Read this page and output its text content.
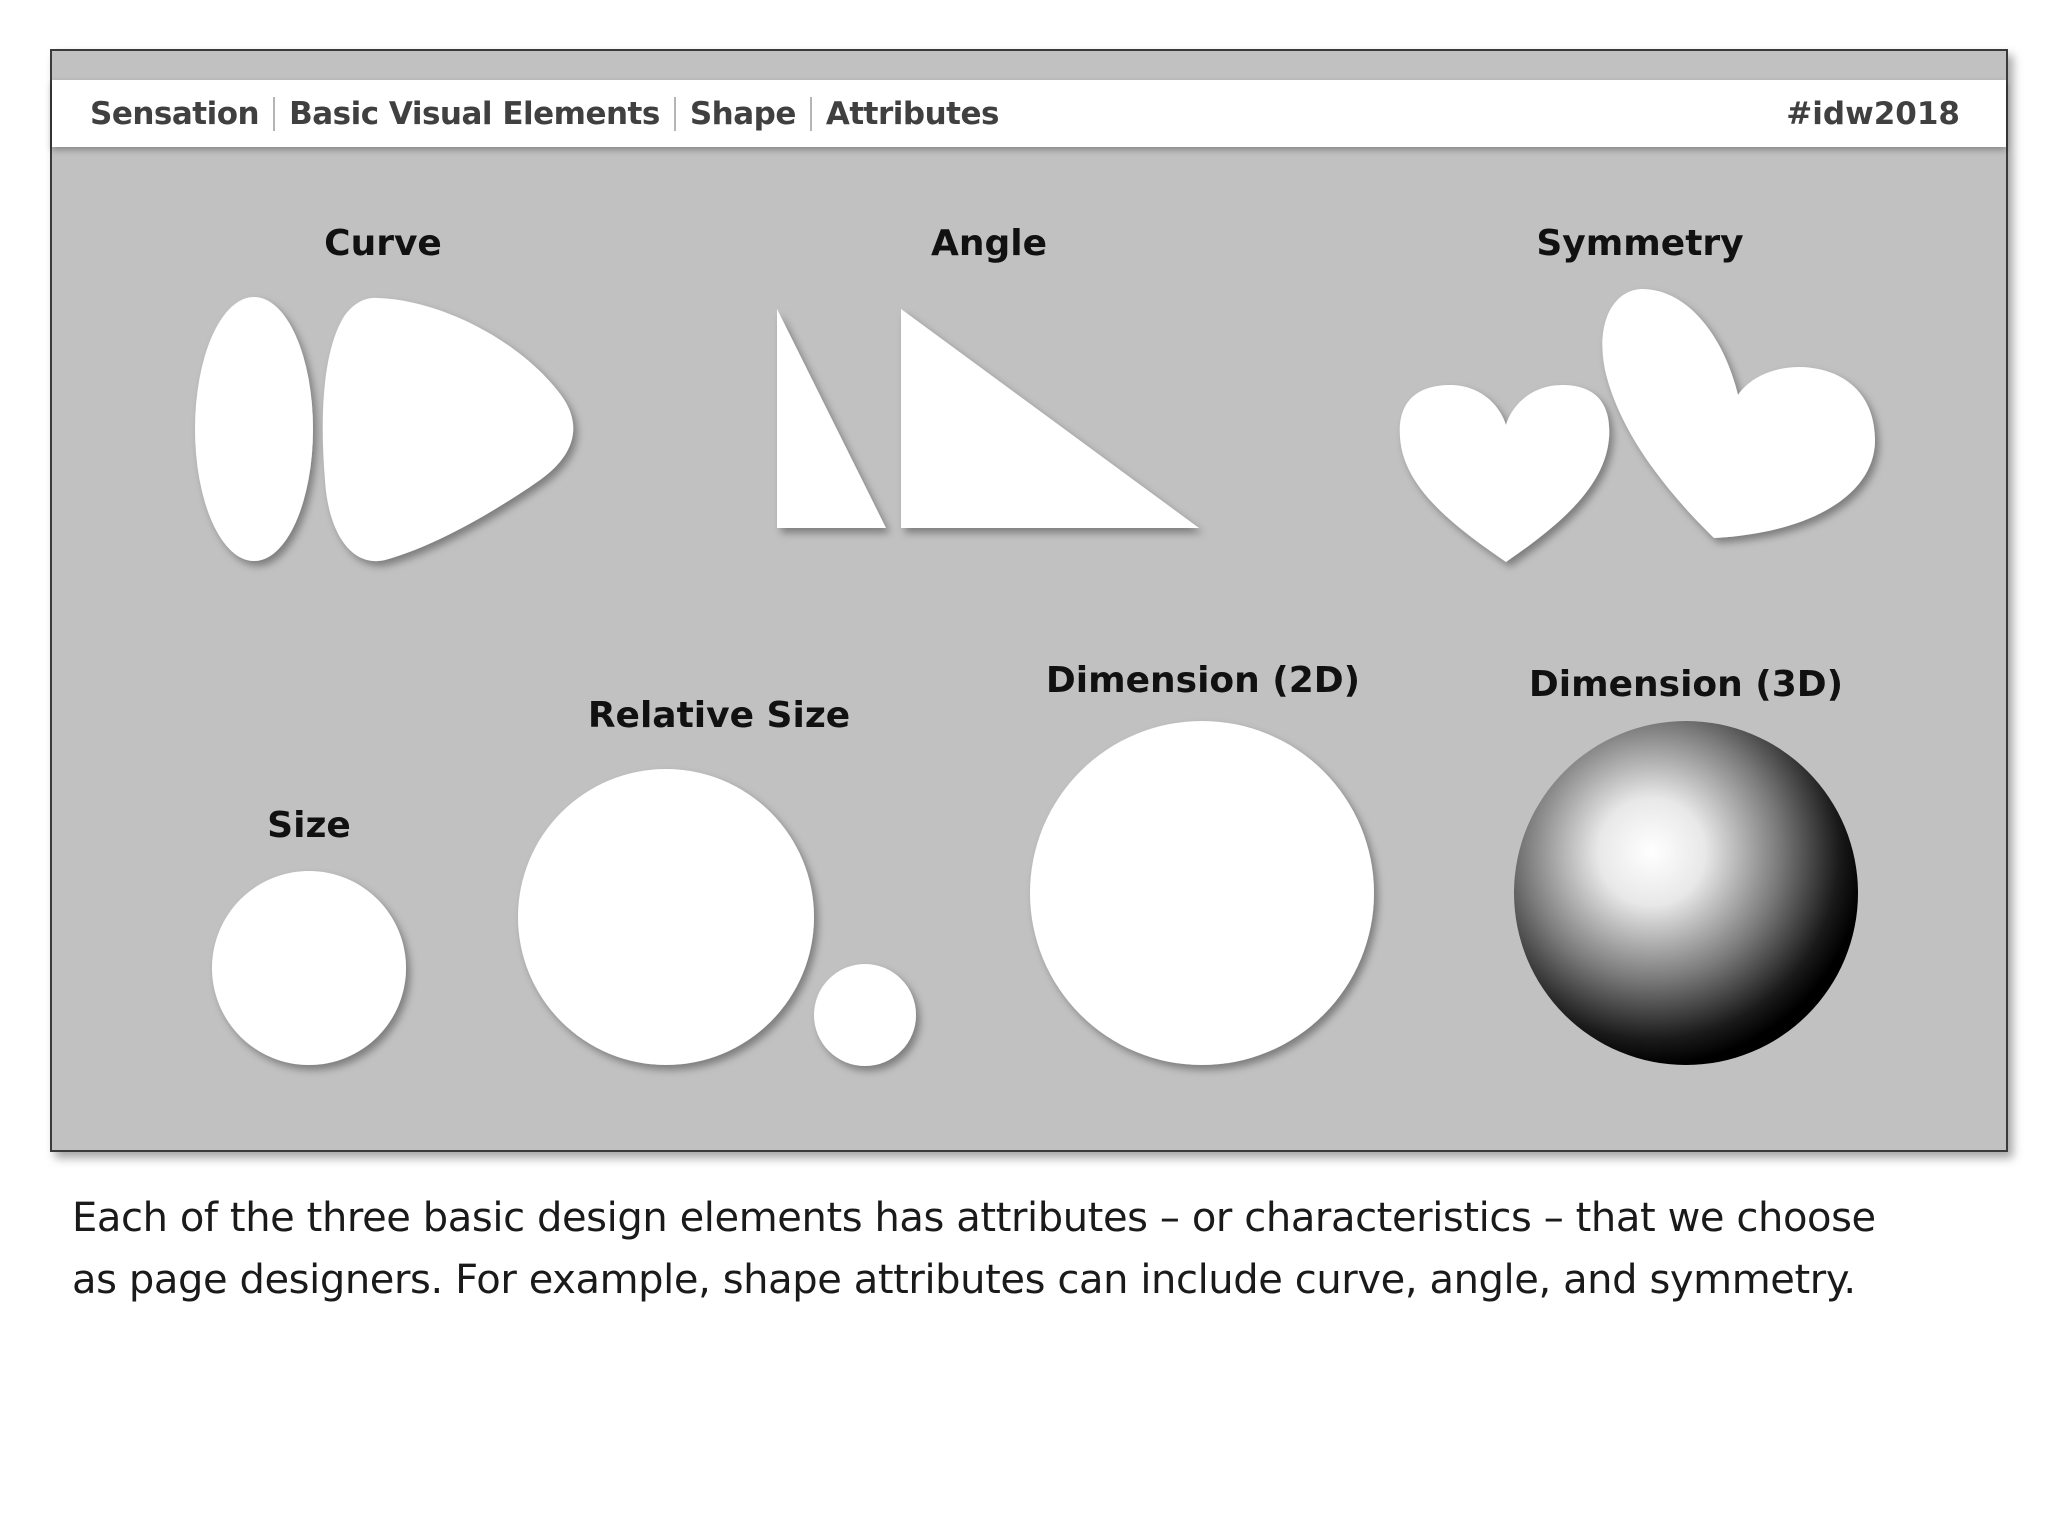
Sensation Basic Visual Elements Shape Attributes	#idw2018
Curve	Angle	Symmetry
Size
Relative Size
Dimension (2D)	Dimension (3D)
Each of the three basic design elements has attributes – or characteristics – that we choose
as page designers. For example, shape attributes can include curve, angle, and symmetry.
